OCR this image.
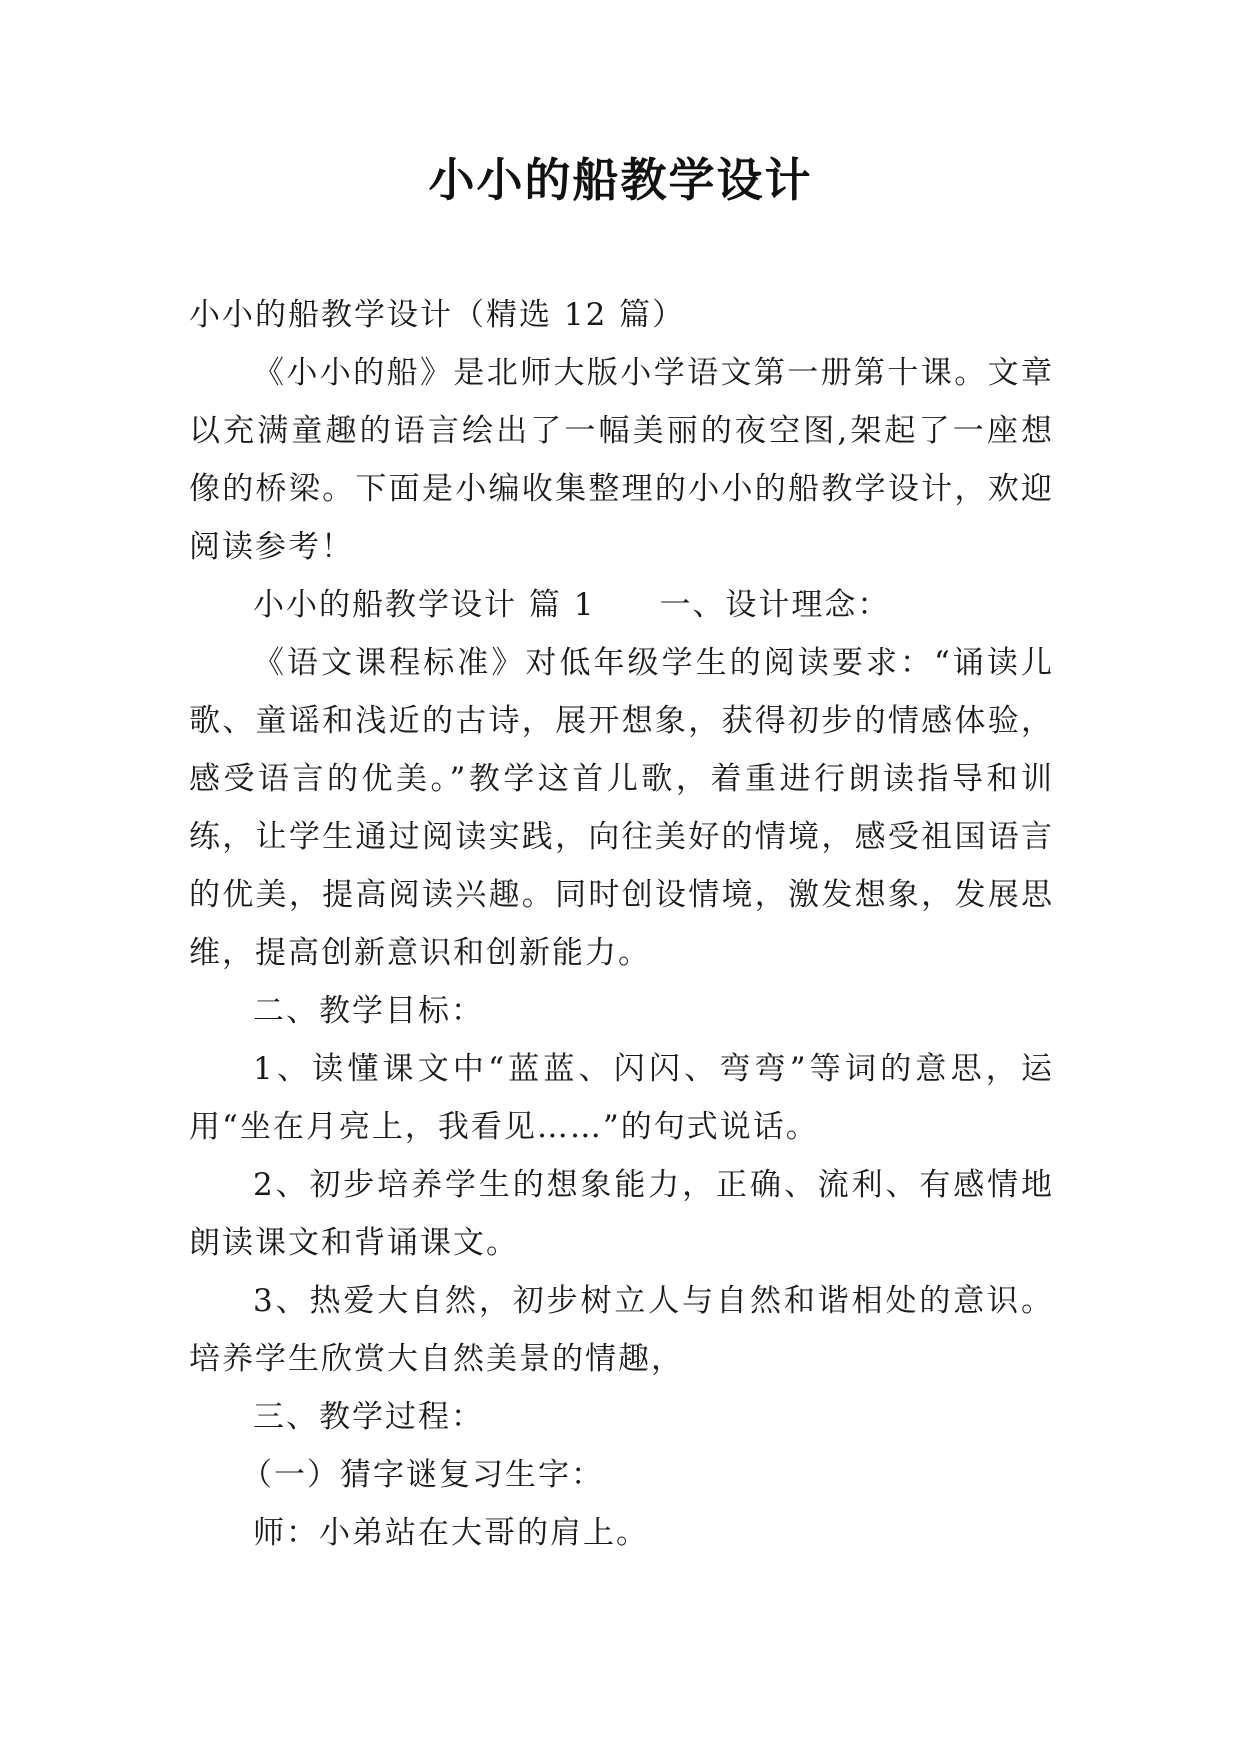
小小的船教学设计

小小的船教学设计（精选 12 篇）

《小小的船》是北师大版小学语文第一册第十课。文章以充满童趣的语言绘出了一幅美丽的夜空图,架起了一座想像的桥梁。下面是小编收集整理的小小的船教学设计，欢迎阅读参考！

小小的船教学设计 篇 1 一、设计理念：

《语文课程标准》对低年级学生的阅读要求：“诵读儿歌、童谣和浅近的古诗，展开想象，获得初步的情感体验，感受语言的优美。”教学这首儿歌，着重进行朗读指导和训练，让学生通过阅读实践，向往美好的情境，感受祖国语言的优美，提高阅读兴趣。同时创设情境，激发想象，发展思维，提高创新意识和创新能力。

二、教学目标：

1、读懂课文中“蓝蓝、闪闪、弯弯”等词的意思，运用“坐在月亮上，我看见……”的句式说话。

2、初步培养学生的想象能力，正确、流利、有感情地朗读课文和背诵课文。

3、热爱大自然，初步树立人与自然和谐相处的意识。培养学生欣赏大自然美景的情趣，

三、教学过程：

（一）猜字谜复习生字：

师：小弟站在大哥的肩上。
